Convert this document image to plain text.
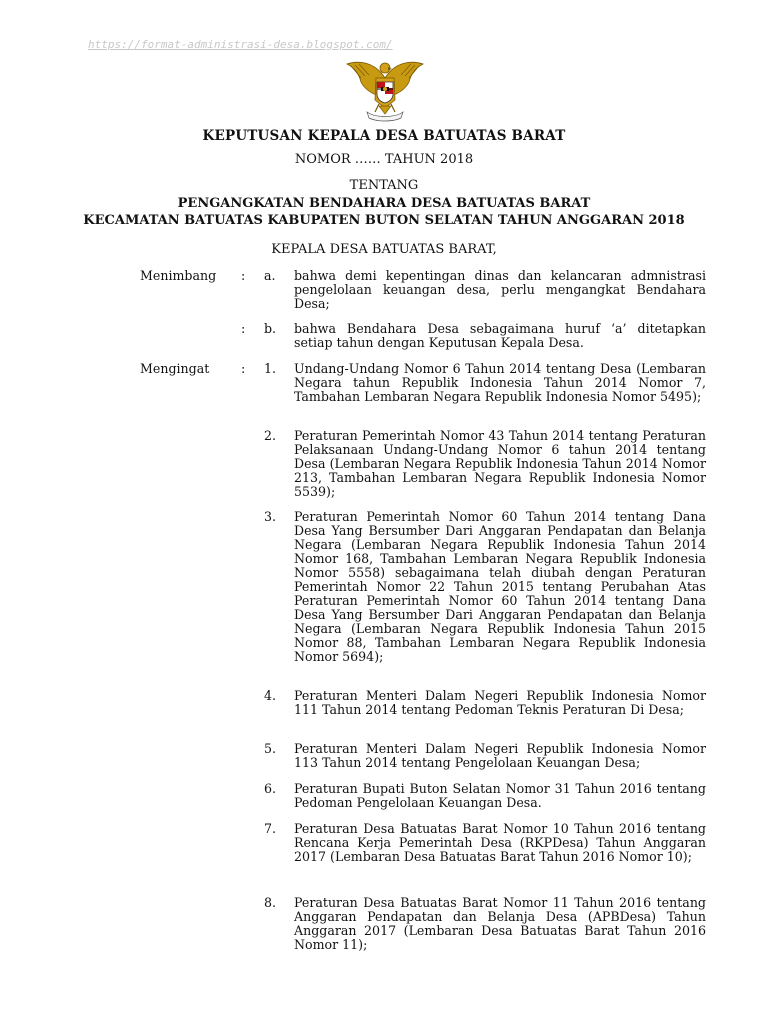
https://format-administrasi-desa.blogspot.com/
KEPUTUSAN KEPALA DESA BATUATAS BARAT
NOMOR …… TAHUN 2018
TENTANG
PENGANGKATAN BENDAHARA DESA BATUATAS BARAT
KECAMATAN BATUATAS KABUPATEN BUTON SELATAN TAHUN ANGGARAN 2018
KEPALA DESA BATUATAS BARAT,
Menimbang : a. bahwa demi kepentingan dinas dan kelancaran admnistrasi pengelolaan keuangan desa, perlu mengangkat Bendahara Desa;
: b. bahwa Bendahara Desa sebagaimana huruf ‘a’ ditetapkan setiap tahun dengan Keputusan Kepala Desa.
Mengingat	: 1. Undang-Undang Nomor 6 Tahun 2014 tentang Desa (Lembaran Negara tahun Republik Indonesia Tahun 2014 Nomor 7, Tambahan Lembaran Negara Republik Indonesia Nomor 5495);
2. Peraturan Pemerintah Nomor 43 Tahun 2014 tentang Peraturan Pelaksanaan Undang-Undang Nomor 6 tahun 2014 tentang Desa (Lembaran Negara Republik Indonesia Tahun 2014 Nomor 213, Tambahan Lembaran Negara Republik Indonesia Nomor 5539);
3. Peraturan Pemerintah Nomor 60 Tahun 2014 tentang Dana Desa Yang Bersumber Dari Anggaran Pendapatan dan Belanja Negara (Lembaran Negara Republik Indonesia Tahun 2014 Nomor 168, Tambahan Lembaran Negara Republik Indonesia Nomor 5558) sebagaimana telah diubah dengan Peraturan Pemerintah Nomor 22 Tahun 2015 tentang Perubahan Atas Peraturan Pemerintah Nomor 60 Tahun 2014 tentang Dana Desa Yang Bersumber Dari Anggaran Pendapatan dan Belanja Negara (Lembaran Negara Republik Indonesia Tahun 2015 Nomor 88, Tambahan Lembaran Negara Republik Indonesia Nomor 5694);
4. Peraturan Menteri Dalam Negeri Republik Indonesia Nomor 111 Tahun 2014 tentang Pedoman Teknis Peraturan Di Desa;
5. Peraturan Menteri Dalam Negeri Republik Indonesia Nomor 113 Tahun 2014 tentang Pengelolaan Keuangan Desa;
6. Peraturan Bupati Buton Selatan Nomor 31 Tahun 2016 tentang Pedoman Pengelolaan Keuangan Desa.
7. Peraturan Desa Batuatas Barat Nomor 10 Tahun 2016 tentang Rencana Kerja Pemerintah Desa (RKPDesa) Tahun Anggaran 2017 (Lembaran Desa Batuatas Barat Tahun 2016 Nomor 10);
8. Peraturan Desa Batuatas Barat Nomor 11 Tahun 2016 tentang Anggaran Pendapatan dan Belanja Desa (APBDesa) Tahun Anggaran 2017 (Lembaran Desa Batuatas Barat Tahun 2016 Nomor 11);
